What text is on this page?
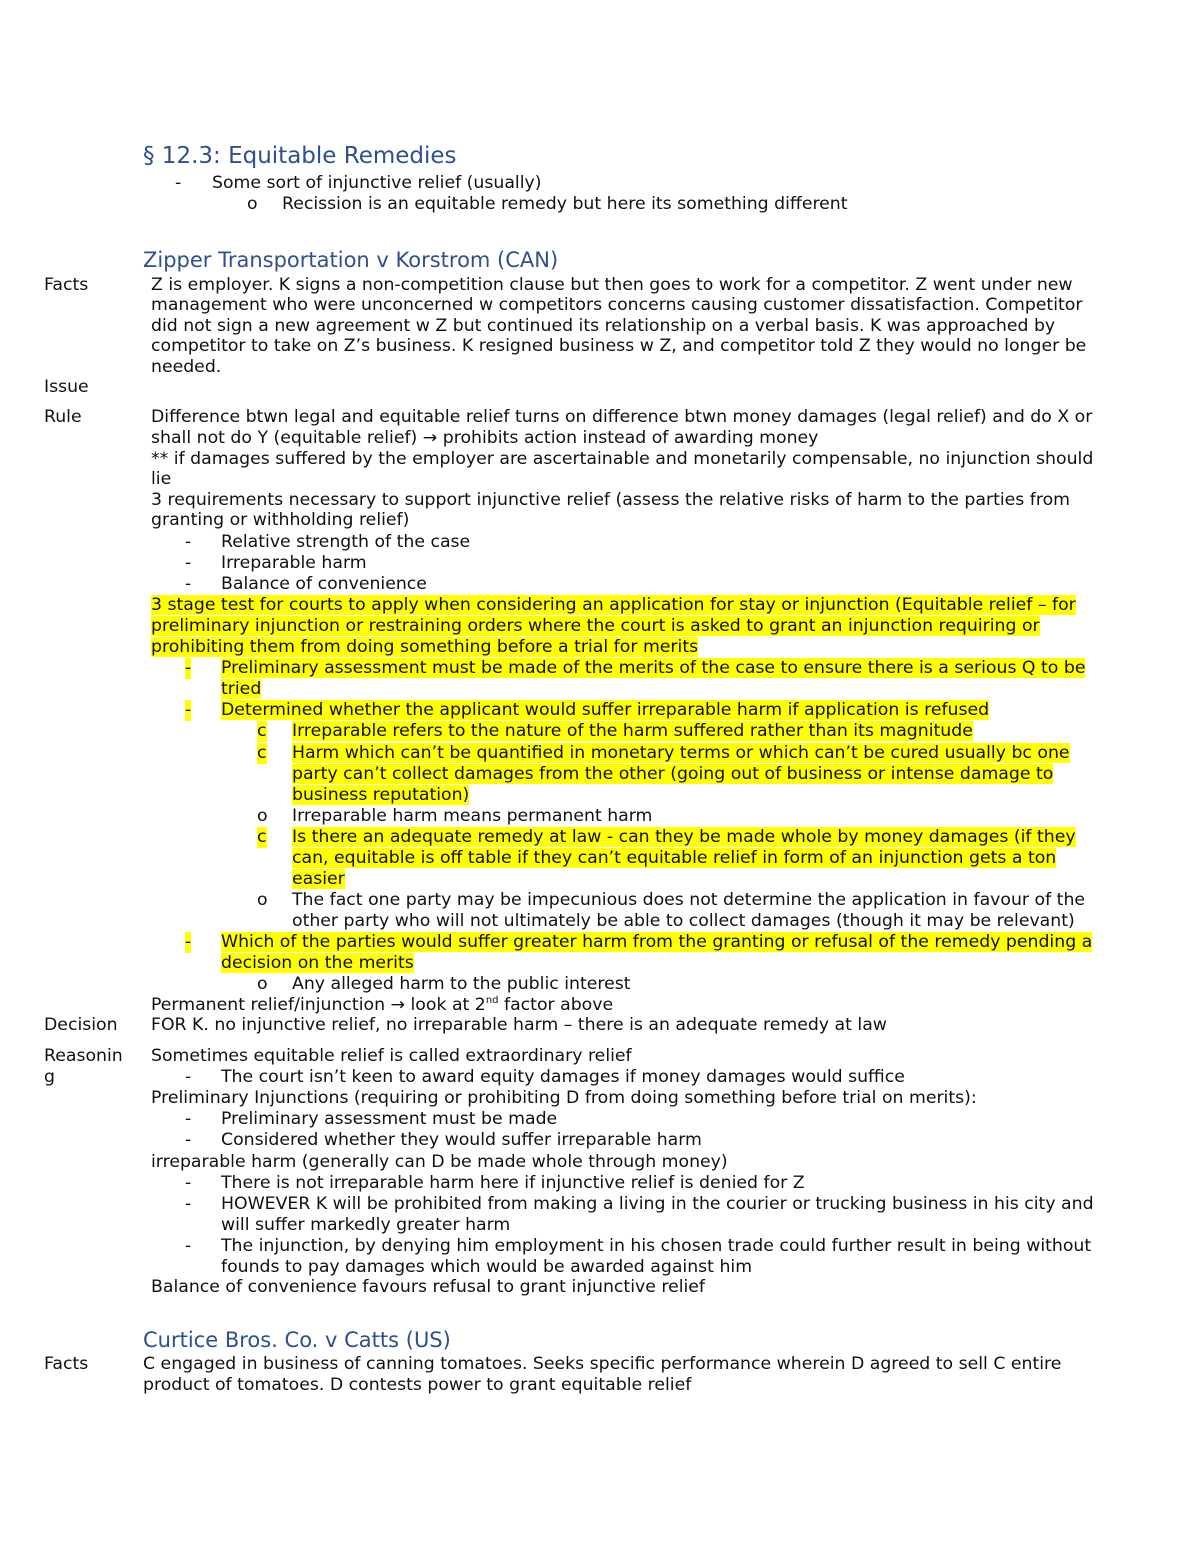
§ 12.3: Equitable Remedies
- Some sort of injunctive relief (usually)
o Recission is an equitable remedy but here its something different
Zipper Transportation v Korstrom (CAN)
Facts	Z is employer. K signs a non-competition clause but then goes to work for a competitor. Z went under new
management who were unconcerned w competitors concerns causing customer dissatisfaction. Competitor
did not sign a new agreement w Z but continued its relationship on a verbal basis. K was approached by
competitor to take on Z’s business. K resigned business w Z, and competitor told Z they would no longer be
needed.
Issue
Rule	Difference btwn legal and equitable relief turns on difference btwn money damages (legal relief) and do X or
shall not do Y (equitable relief) → prohibits action instead of awarding money
** if damages suffered by the employer are ascertainable and monetarily compensable, no injunction should
lie
3 requirements necessary to support injunctive relief (assess the relative risks of harm to the parties from
granting or withholding relief)
- Relative strength of the case
- Irreparable harm
- Balance of convenience
3 stage test for courts to apply when considering an application for stay or injunction (Equitable relief – for
preliminary injunction or restraining orders where the court is asked to grant an injunction requiring or
prohibiting them from doing something before a trial for merits
- Preliminary assessment must be made of the merits of the case to ensure there is a serious Q to be
tried
- Determined whether the applicant would suffer irreparable harm if application is refused
c Irreparable refers to the nature of the harm suffered rather than its magnitude
c Harm which can’t be quantified in monetary terms or which can’t be cured usually bc one
party can’t collect damages from the other (going out of business or intense damage to
business reputation)
o Irreparable harm means permanent harm
c Is there an adequate remedy at law - can they be made whole by money damages (if they
can, equitable is off table if they can’t equitable relief in form of an injunction gets a ton
easier
o The fact one party may be impecunious does not determine the application in favour of the
other party who will not ultimately be able to collect damages (though it may be relevant)
- Which of the parties would suffer greater harm from the granting or refusal of the remedy pending a
decision on the merits
o Any alleged harm to the public interest
Permanent relief/injunction → look at 2nd factor above
Decision FOR K. no injunctive relief, no irreparable harm – there is an adequate remedy at law
Reasonin
g
Sometimes equitable relief is called extraordinary relief
- The court isn’t keen to award equity damages if money damages would suffice
Preliminary Injunctions (requiring or prohibiting D from doing something before trial on merits):
- Preliminary assessment must be made
- Considered whether they would suffer irreparable harm
irreparable harm (generally can D be made whole through money)
- There is not irreparable harm here if injunctive relief is denied for Z
- HOWEVER K will be prohibited from making a living in the courier or trucking business in his city and
will suffer markedly greater harm
- The injunction, by denying him employment in his chosen trade could further result in being without
founds to pay damages which would be awarded against him
Balance of convenience favours refusal to grant injunctive relief
Curtice Bros. Co. v Catts (US)
Facts	C engaged in business of canning tomatoes. Seeks specific performance wherein D agreed to sell C entire
product of tomatoes. D contests power to grant equitable relief
